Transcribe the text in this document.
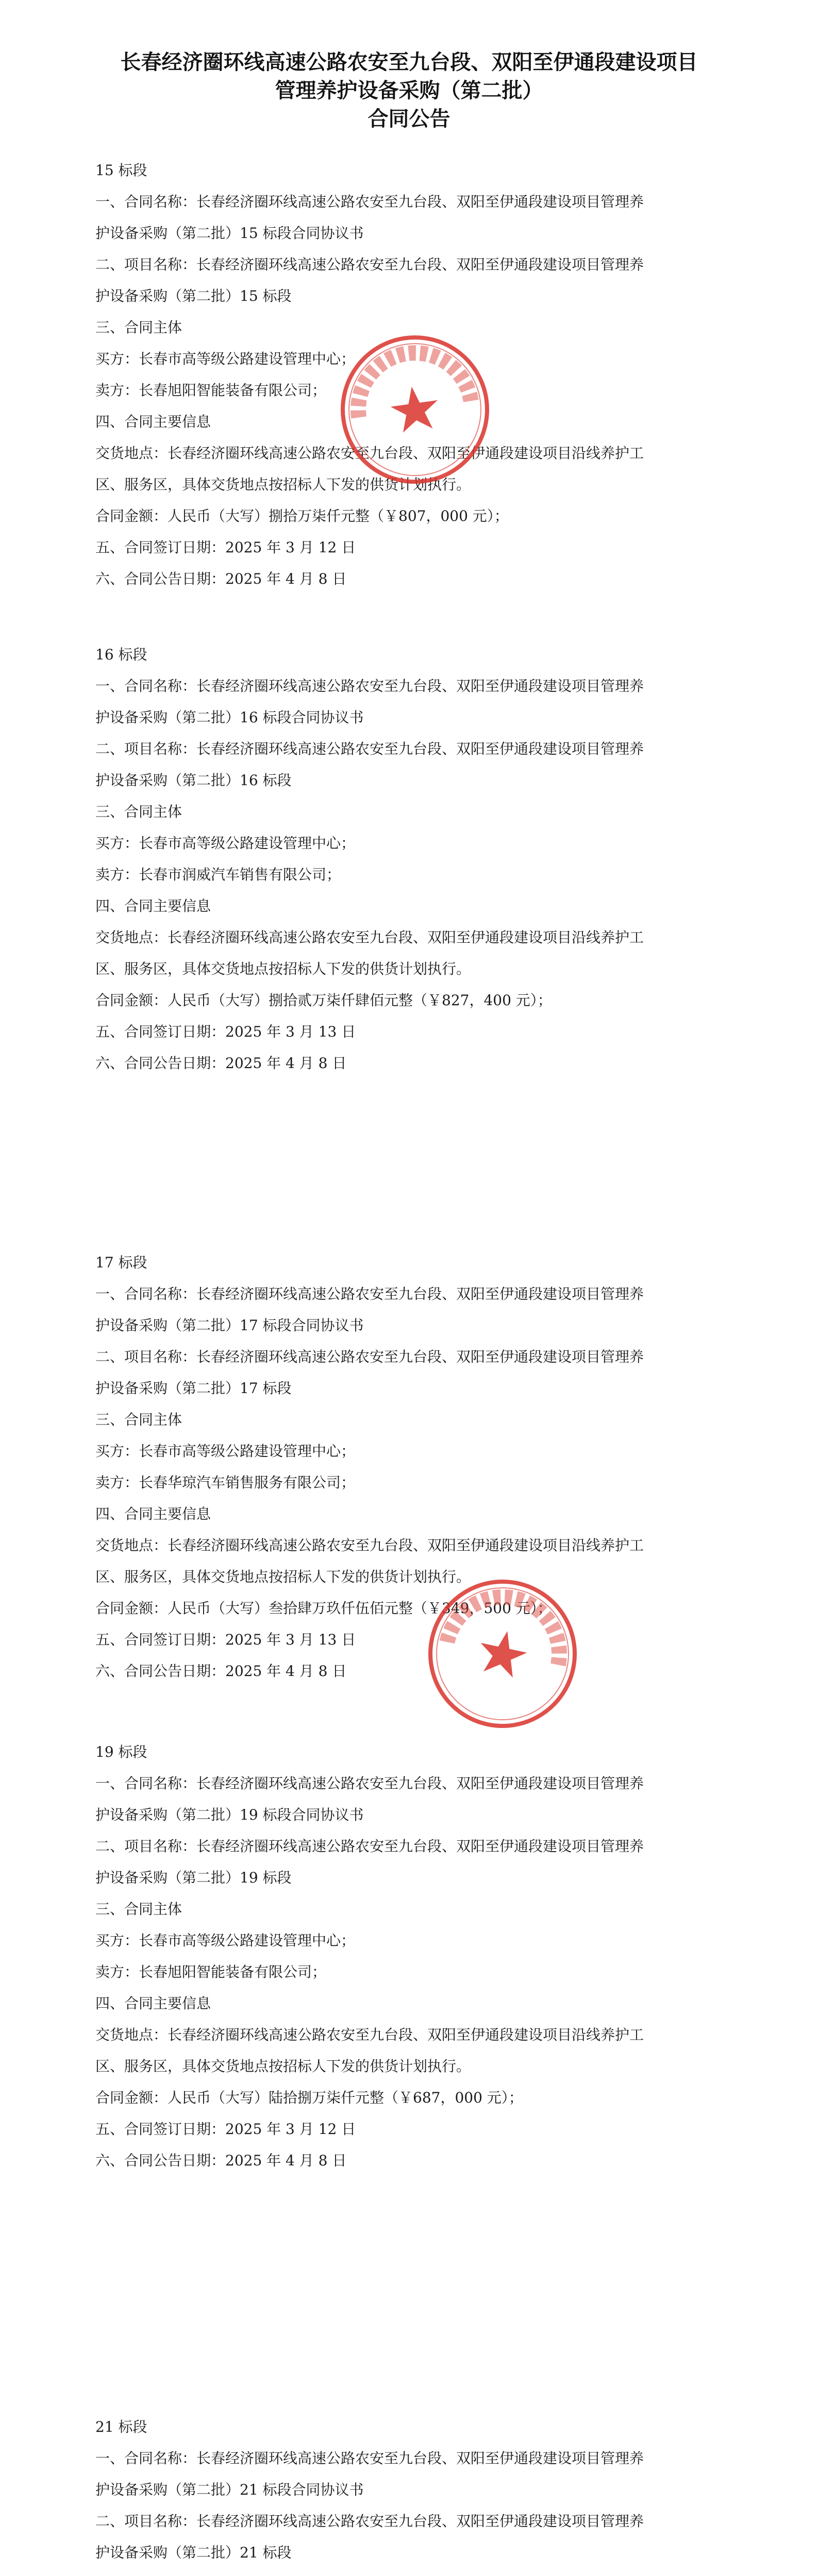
长春经济圈环线高速公路农安至九台段、双阳至伊通段建设项目
管理养护设备采购（第二批）
合同公告
15 标段
一、合同名称：长春经济圈环线高速公路农安至九台段、双阳至伊通段建设项目管理养
护设备采购（第二批）15 标段合同协议书
二、项目名称：长春经济圈环线高速公路农安至九台段、双阳至伊通段建设项目管理养
护设备采购（第二批）15 标段
三、合同主体
买方：长春市高等级公路建设管理中心；
卖方：长春旭阳智能装备有限公司；
四、合同主要信息
交货地点：长春经济圈环线高速公路农安至九台段、双阳至伊通段建设项目沿线养护工
区、服务区，具体交货地点按招标人下发的供货计划执行。
合同金额：人民币（大写）捌拾万柒仟元整（￥807，000 元）；
五、合同签订日期：2025 年 3 月 12 日
六、合同公告日期：2025 年 4 月 8 日
16 标段
一、合同名称：长春经济圈环线高速公路农安至九台段、双阳至伊通段建设项目管理养
护设备采购（第二批）16 标段合同协议书
二、项目名称：长春经济圈环线高速公路农安至九台段、双阳至伊通段建设项目管理养
护设备采购（第二批）16 标段
三、合同主体
买方：长春市高等级公路建设管理中心；
卖方：长春市润威汽车销售有限公司；
四、合同主要信息
交货地点：长春经济圈环线高速公路农安至九台段、双阳至伊通段建设项目沿线养护工
区、服务区，具体交货地点按招标人下发的供货计划执行。
合同金额：人民币（大写）捌拾贰万柒仟肆佰元整（￥827，400 元）；
五、合同签订日期：2025 年 3 月 13 日
六、合同公告日期：2025 年 4 月 8 日
17 标段
一、合同名称：长春经济圈环线高速公路农安至九台段、双阳至伊通段建设项目管理养
护设备采购（第二批）17 标段合同协议书
二、项目名称：长春经济圈环线高速公路农安至九台段、双阳至伊通段建设项目管理养
护设备采购（第二批）17 标段
三、合同主体
买方：长春市高等级公路建设管理中心；
卖方：长春华琼汽车销售服务有限公司；
四、合同主要信息
交货地点：长春经济圈环线高速公路农安至九台段、双阳至伊通段建设项目沿线养护工
区、服务区，具体交货地点按招标人下发的供货计划执行。
合同金额：人民币（大写）叁拾肆万玖仟伍佰元整（￥349，500 元）；
五、合同签订日期：2025 年 3 月 13 日
六、合同公告日期：2025 年 4 月 8 日
19 标段
一、合同名称：长春经济圈环线高速公路农安至九台段、双阳至伊通段建设项目管理养
护设备采购（第二批）19 标段合同协议书
二、项目名称：长春经济圈环线高速公路农安至九台段、双阳至伊通段建设项目管理养
护设备采购（第二批）19 标段
三、合同主体
买方：长春市高等级公路建设管理中心；
卖方：长春旭阳智能装备有限公司；
四、合同主要信息
交货地点：长春经济圈环线高速公路农安至九台段、双阳至伊通段建设项目沿线养护工
区、服务区，具体交货地点按招标人下发的供货计划执行。
合同金额：人民币（大写）陆拾捌万柒仟元整（￥687，000 元）；
五、合同签订日期：2025 年 3 月 12 日
六、合同公告日期：2025 年 4 月 8 日
21 标段
一、合同名称：长春经济圈环线高速公路农安至九台段、双阳至伊通段建设项目管理养
护设备采购（第二批）21 标段合同协议书
二、项目名称：长春经济圈环线高速公路农安至九台段、双阳至伊通段建设项目管理养
护设备采购（第二批）21 标段
